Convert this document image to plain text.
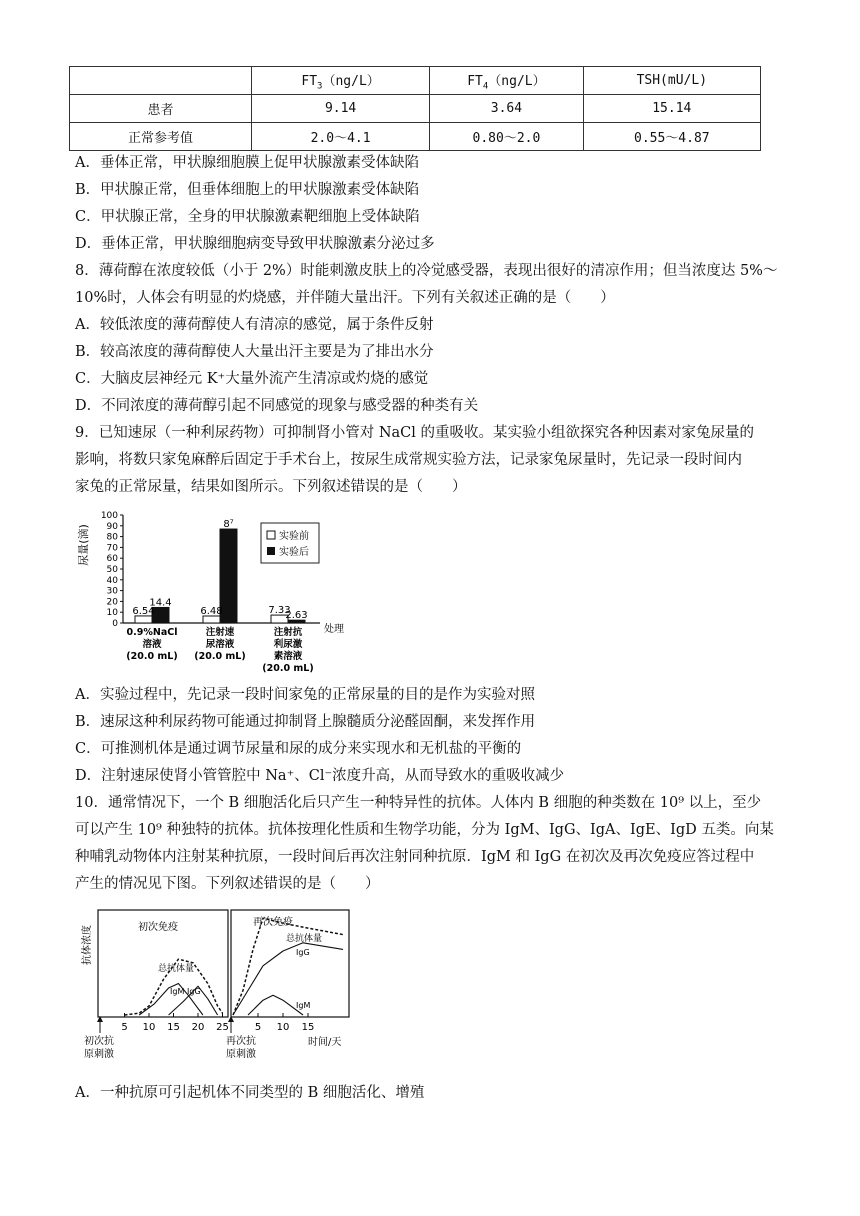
	$FT_3(ng/L)$	$FT_4(ng/L)$	TSH(mU/L)
患者	9.14	3.64	15.14
正常参考值	2.0～4.1	0.80～2.0	0.55～4.87
A．垂体正常，甲状腺细胞膜上促甲状腺激素受体缺陷
B．甲状腺正常，但垂体细胞上的甲状腺激素受体缺陷
C．甲状腺正常，全身的甲状腺激素靶细胞上受体缺陷
D．垂体正常，甲状腺细胞病变导致甲状腺激素分泌过多
8．薄荷醇在浓度较低（小于 2%）时能刺激皮肤上的冷觉感受器，表现出很好的清凉作用；但当浓度达 5%～
10%时，人体会有明显的灼烧感，并伴随大量出汗。下列有关叙述正确的是（　　）
A．较低浓度的薄荷醇使人有清凉的感觉，属于条件反射
B．较高浓度的薄荷醇使人大量出汗主要是为了排出水分
C．大脑皮层神经元 K⁺大量外流产生清凉或灼烧的感觉
D．不同浓度的薄荷醇引起不同感觉的现象与感受器的种类有关
9．已知速尿（一种利尿药物）可抑制肾小管对 NaCl 的重吸收。某实验小组欲探究各种因素对家兔尿量的
影响，将数只家兔麻醉后固定于手术台上，按尿生成常规实验方法，记录家兔尿量时，先记录一段时间内
家兔的正常尿量，结果如图所示。下列叙述错误的是（　　）
尿量(滴)
0
10
20
30
40
50
60
70
80
90
100
6.54
14.4
0.9%NaCl
溶液
(20.0 mL)
6.48
8⁷
注射速
尿溶液
(20.0 mL)
7.33
2.63
注射抗
利尿激
素溶液
(20.0 mL)
实验前
实验后
处理
A．实验过程中，先记录一段时间家兔的正常尿量的目的是作为实验对照
B．速尿这种利尿药物可能通过抑制肾上腺髓质分泌醛固酮，来发挥作用
C．可推测机体是通过调节尿量和尿的成分来实现水和无机盐的平衡的
D．注射速尿使肾小管管腔中 Na⁺、Cl⁻浓度升高，从而导致水的重吸收减少
10．通常情况下，一个 B 细胞活化后只产生一种特异性的抗体。人体内 B 细胞的种类数在 10⁹ 以上，至少
可以产生 10⁹ 种独特的抗体。抗体按理化性质和生物学功能，分为 IgM、IgG、IgA、IgE、IgD 五类。向某
种哺乳动物体内注射某种抗原，一段时间后再次注射同种抗原．IgM 和 IgG 在初次及再次免疫应答过程中
产生的情况见下图。下列叙述错误的是（　　）
抗体浓度	初次免疫	再次免疫
总抗体量
IgM IgG
总抗体量
IgG
IgM
5 10 15 20 25	5 10 15
时间/天
初次抗
原刺激
再次抗
原刺激
A．一种抗原可引起机体不同类型的 B 细胞活化、增殖
